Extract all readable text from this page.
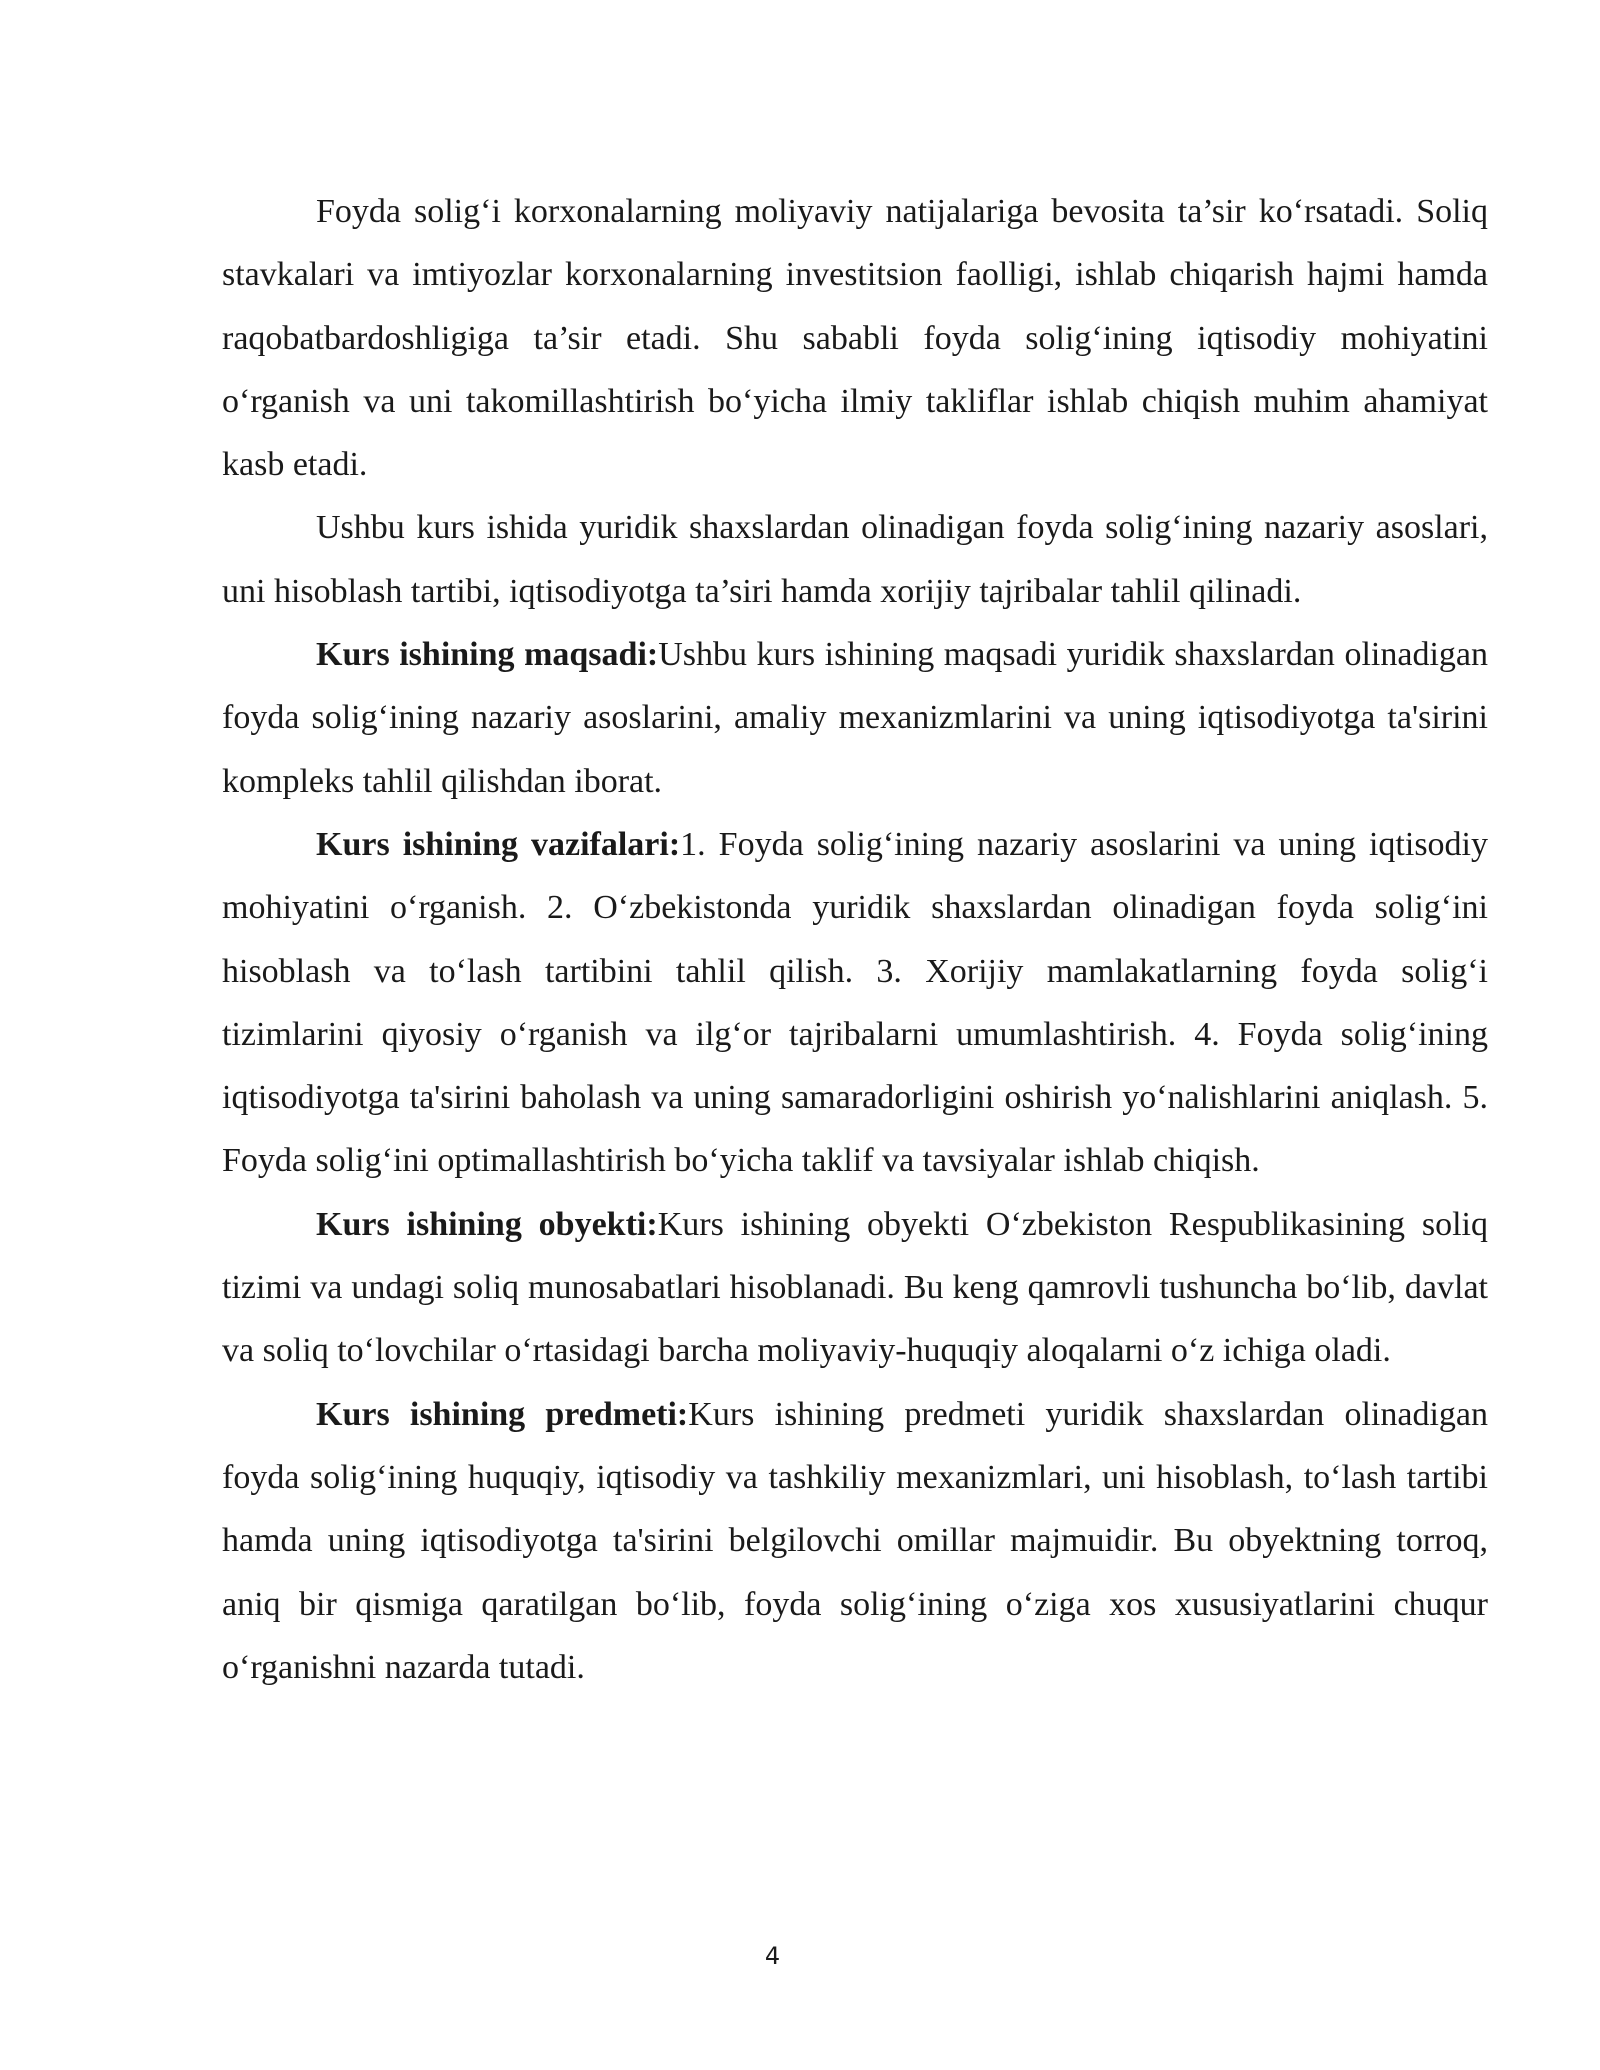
Foyda solig‘i korxonalarning moliyaviy natijalariga bevosita ta’sir ko‘rsatadi. Soliq stavkalari va imtiyozlar korxonalarning investitsion faolligi, ishlab chiqarish hajmi hamda raqobatbardoshligiga ta’sir etadi. Shu sababli foyda solig‘ining iqtisodiy mohiyatini o‘rganish va uni takomillashtirish bo‘yicha ilmiy takliflar ishlab chiqish muhim ahamiyat kasb etadi.

Ushbu kurs ishida yuridik shaxslardan olinadigan foyda solig‘ining nazariy asoslari, uni hisoblash tartibi, iqtisodiyotga ta’siri hamda xorijiy tajribalar tahlil qilinadi.

Kurs ishining maqsadi:Ushbu kurs ishining maqsadi yuridik shaxslardan olinadigan foyda solig‘ining nazariy asoslarini, amaliy mexanizmlarini va uning iqtisodiyotga ta'sirini kompleks tahlil qilishdan iborat.

Kurs ishining vazifalari:1. Foyda solig‘ining nazariy asoslarini va uning iqtisodiy mohiyatini o‘rganish. 2. O‘zbekistonda yuridik shaxslardan olinadigan foyda solig‘ini hisoblash va to‘lash tartibini tahlil qilish. 3. Xorijiy mamlakatlarning foyda solig‘i tizimlarini qiyosiy o‘rganish va ilg‘or tajribalarni umumlashtirish. 4. Foyda solig‘ining iqtisodiyotga ta'sirini baholash va uning samaradorligini oshirish yo‘nalishlarini aniqlash. 5. Foyda solig‘ini optimallashtirish bo‘yicha taklif va tavsiyalar ishlab chiqish.

Kurs ishining obyekti:Kurs ishining obyekti O‘zbekiston Respublikasining soliq tizimi va undagi soliq munosabatlari hisoblanadi. Bu keng qamrovli tushuncha bo‘lib, davlat va soliq to‘lovchilar o‘rtasidagi barcha moliyaviy-huquqiy aloqalarni o‘z ichiga oladi.

Kurs ishining predmeti:Kurs ishining predmeti yuridik shaxslardan olinadigan foyda solig‘ining huquqiy, iqtisodiy va tashkiliy mexanizmlari, uni hisoblash, to‘lash tartibi hamda uning iqtisodiyotga ta'sirini belgilovchi omillar majmuidir. Bu obyektning torroq, aniq bir qismiga qaratilgan bo‘lib, foyda solig‘ining o‘ziga xos xususiyatlarini chuqur o‘rganishni nazarda tutadi.

4
